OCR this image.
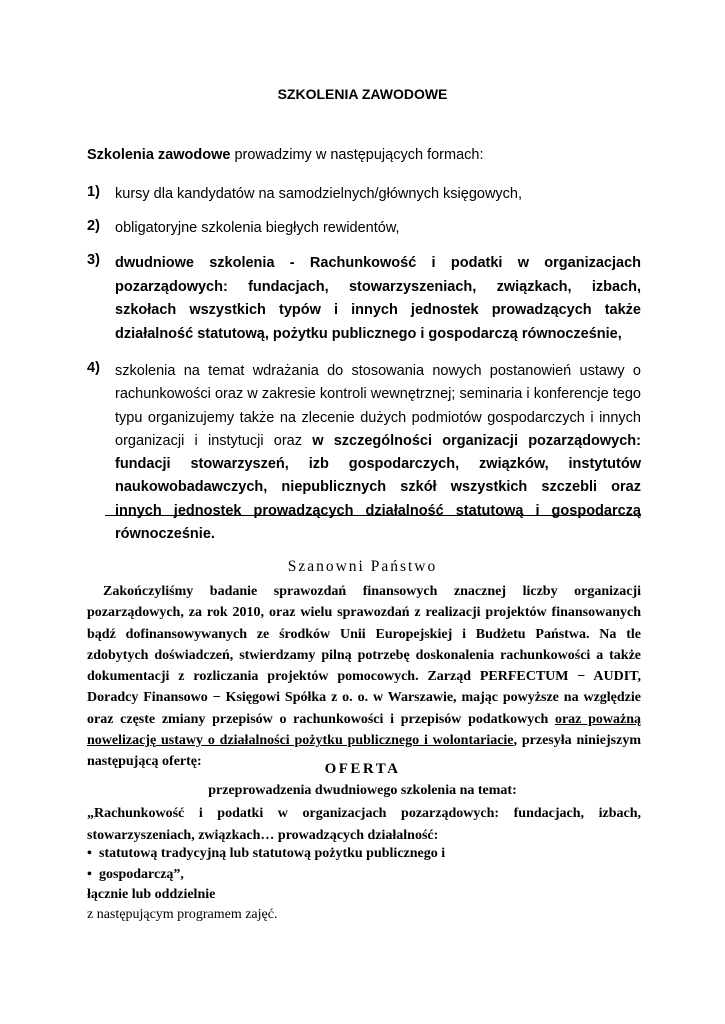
SZKOLENIA ZAWODOWE
Szkolenia zawodowe prowadzimy w następujących formach:
1) kursy dla kandydatów na samodzielnych/głównych księgowych,
2) obligatoryjne szkolenia biegłych rewidentów,
3) dwudniowe szkolenia - Rachunkowość i podatki w organizacjach pozarządowych: fundacjach, stowarzyszeniach, związkach, izbach, szkołach wszystkich typów i innych jednostek prowadzących także działalność statutową, pożytku publicznego i gospodarczą równocześnie,
4) szkolenia na temat wdrażania do stosowania nowych postanowień ustawy o rachunkowości oraz w zakresie kontroli wewnętrznej; seminaria i konferencje tego typu organizujemy także na zlecenie dużych podmiotów gospodarczych i innych organizacji i instytucji oraz w szczególności organizacji pozarządowych: fundacji stowarzyszeń, izb gospodarczych, związków, instytutów naukowobadawczych, niepublicznych szkół wszystkich szczebli oraz innych jednostek prowadzących działalność statutową i gospodarczą równocześnie.
Szanowni Państwo
Zakończyliśmy badanie sprawozdań finansowych znacznej liczby organizacji pozarządowych, za rok 2010, oraz wielu sprawozdań z realizacji projektów finansowanych bądź dofinansowywanych ze środków Unii Europejskiej i Budżetu Państwa. Na tle zdobytych doświadczeń, stwierdzamy pilną potrzebę doskonalenia rachunkowości a także dokumentacji z rozliczania projektów pomocowych. Zarząd PERFECTUM − AUDIT, Doradcy Finansowo − Księgowi Spółka z o. o. w Warszawie, mając powyższe na względzie oraz częste zmiany przepisów o rachunkowości i przepisów podatkowych oraz poważną nowelizację ustawy o działalności pożytku publicznego i wolontariacie, przesyła niniejszym następującą ofertę:	OFERTA
przeprowadzenia dwudniowego szkolenia na temat:
„Rachunkowość i podatki w organizacjach pozarządowych: fundacjach, izbach, stowarzyszeniach, związkach… prowadzących działalność:
• statutową tradycyjną lub statutową pożytku publicznego i
• gospodarczą”,
łącznie lub oddzielnie
z następującym programem zajęć.
